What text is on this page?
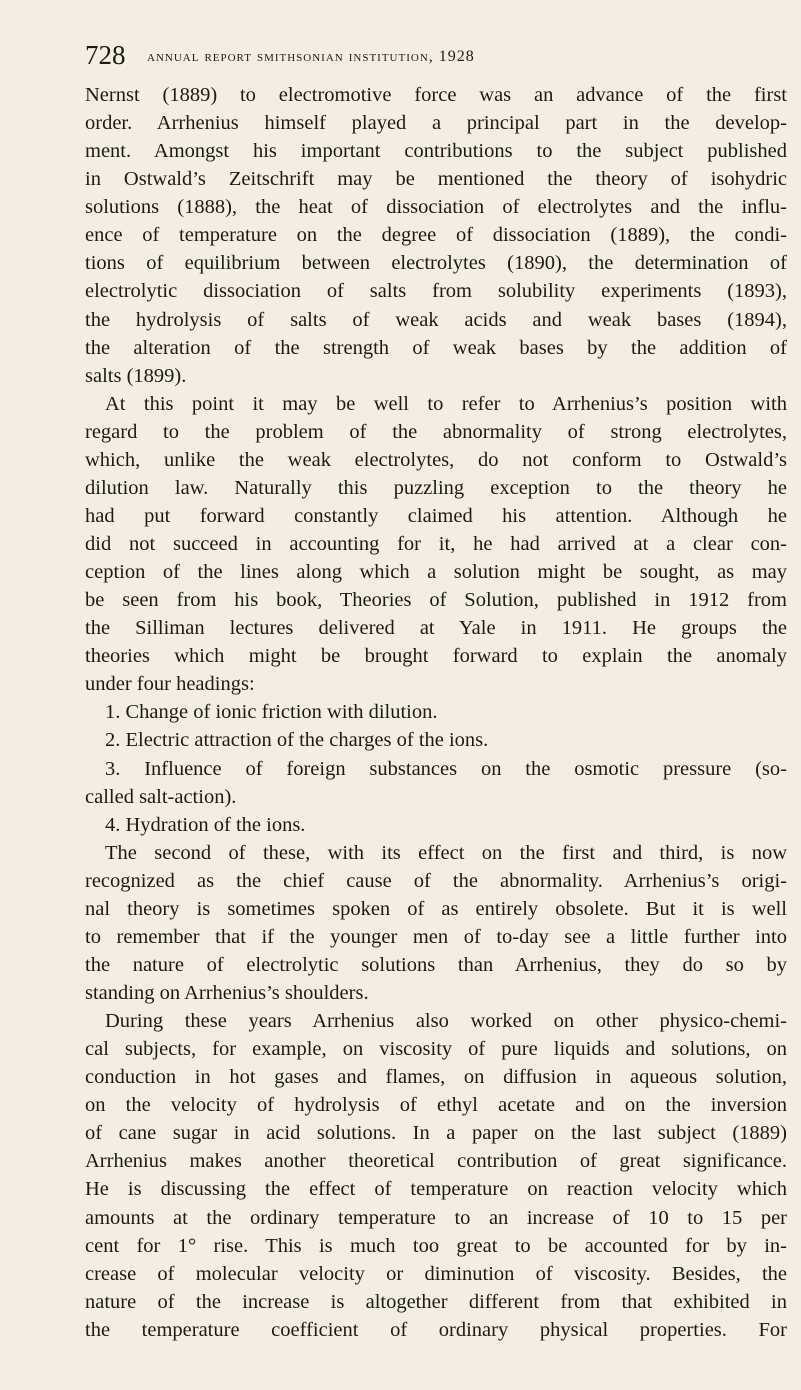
728 annual report smithsonian institution, 1928
Nernst (1889) to electromotive force was an advance of the first
order. Arrhenius himself played a principal part in the develop-
ment. Amongst his important contributions to the subject published
in Ostwald’s Zeitschrift may be mentioned the theory of isohydric
solutions (1888), the heat of dissociation of electrolytes and the influ-
ence of temperature on the degree of dissociation (1889), the condi-
tions of equilibrium between electrolytes (1890), the determination of
electrolytic dissociation of salts from solubility experiments (1893),
the hydrolysis of salts of weak acids and weak bases (1894),
the alteration of the strength of weak bases by the addition of
salts (1899).
At this point it may be well to refer to Arrhenius’s position with
regard to the problem of the abnormality of strong electrolytes,
which, unlike the weak electrolytes, do not conform to Ostwald’s
dilution law. Naturally this puzzling exception to the theory he
had put forward constantly claimed his attention. Although he
did not succeed in accounting for it, he had arrived at a clear con-
ception of the lines along which a solution might be sought, as may
be seen from his book, Theories of Solution, published in 1912 from
the Silliman lectures delivered at Yale in 1911. He groups the
theories which might be brought forward to explain the anomaly
under four headings:
1. Change of ionic friction with dilution.
2. Electric attraction of the charges of the ions.
3. Influence of foreign substances on the osmotic pressure (so-
called salt-action).
4. Hydration of the ions.
The second of these, with its effect on the first and third, is now
recognized as the chief cause of the abnormality. Arrhenius’s origi-
nal theory is sometimes spoken of as entirely obsolete. But it is well
to remember that if the younger men of to-day see a little further into
the nature of electrolytic solutions than Arrhenius, they do so by
standing on Arrhenius’s shoulders.
During these years Arrhenius also worked on other physico-chemi-
cal subjects, for example, on viscosity of pure liquids and solutions, on
conduction in hot gases and flames, on diffusion in aqueous solution,
on the velocity of hydrolysis of ethyl acetate and on the inversion
of cane sugar in acid solutions. In a paper on the last subject (1889)
Arrhenius makes another theoretical contribution of great significance.
He is discussing the effect of temperature on reaction velocity which
amounts at the ordinary temperature to an increase of 10 to 15 per
cent for 1° rise. This is much too great to be accounted for by in-
crease of molecular velocity or diminution of viscosity. Besides, the
nature of the increase is altogether different from that exhibited in
the temperature coefficient of ordinary physical properties. For
